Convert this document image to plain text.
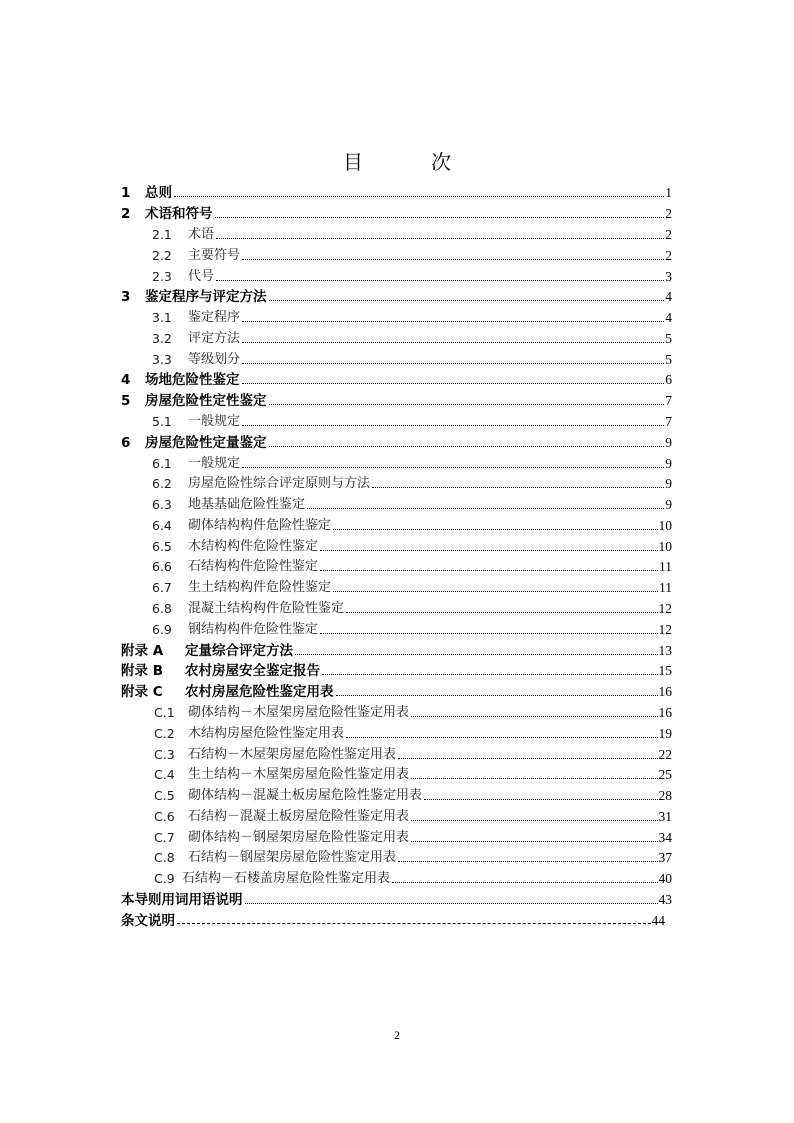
目　次
1	总则	1
2	术语和符号	2
2.1	术语	2
2.2	主要符号	2
2.3	代号	3
3	鉴定程序与评定方法	4
3.1	鉴定程序	4
3.2	评定方法	5
3.3	等级划分	5
4	场地危险性鉴定	6
5	房屋危险性定性鉴定	7
5.1	一般规定	7
6	房屋危险性定量鉴定	9
6.1	一般规定	9
6.2	房屋危险性综合评定原则与方法	9
6.3	地基基础危险性鉴定	9
6.4	砌体结构构件危险性鉴定	10
6.5	木结构构件危险性鉴定	10
6.6	石结构构件危险性鉴定	11
6.7	生土结构构件危险性鉴定	11
6.8	混凝土结构构件危险性鉴定	12
6.9	钢结构构件危险性鉴定	12
附录 A	定量综合评定方法	13
附录 B	农村房屋安全鉴定报告	15
附录 C	农村房屋危险性鉴定用表	16
C.1	砌体结构－木屋架房屋危险性鉴定用表	16
C.2	木结构房屋危险性鉴定用表	19
C.3	石结构－木屋架房屋危险性鉴定用表	22
C.4	生土结构－木屋架房屋危险性鉴定用表	25
C.5	砌体结构－混凝土板房屋危险性鉴定用表	28
C.6	石结构－混凝土板房屋危险性鉴定用表	31
C.7	砌体结构－钢屋架房屋危险性鉴定用表	34
C.8	石结构－钢屋架房屋危险性鉴定用表	37
C.9 石结构－石楼盖房屋危险性鉴定用表	40
本导则用词用语说明	43
条文说明	44
2
